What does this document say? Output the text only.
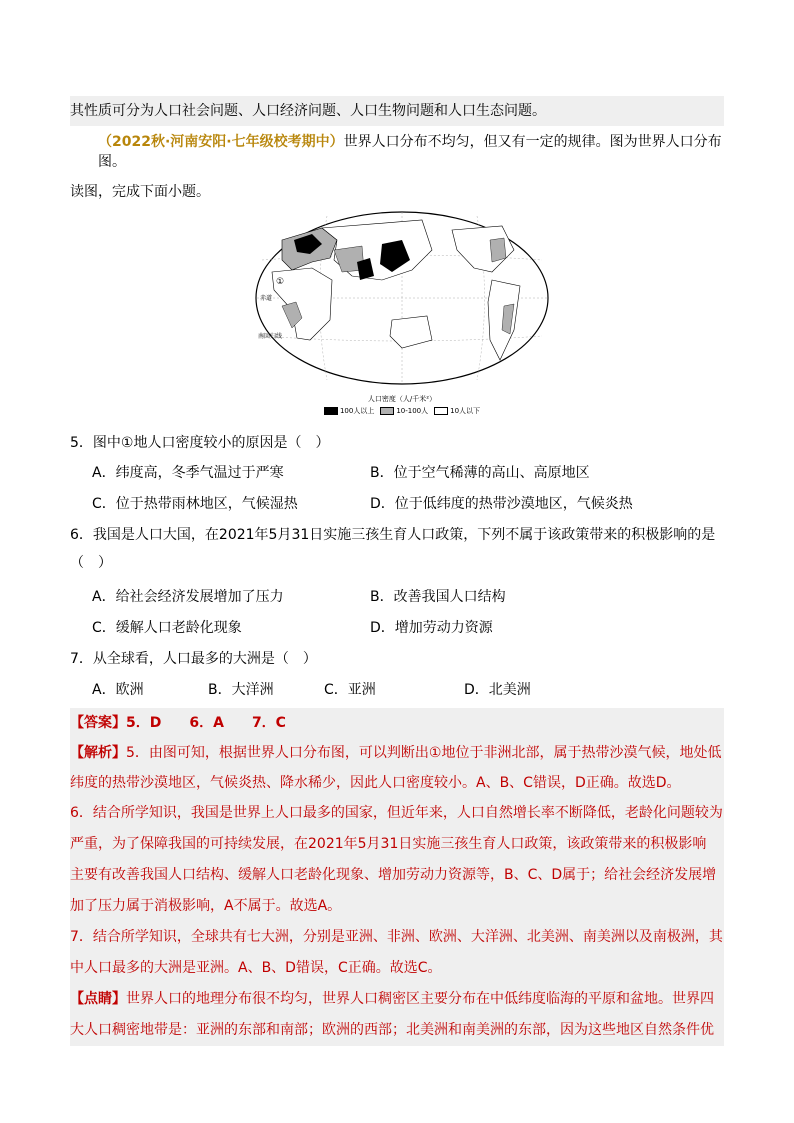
其性质可分为人口社会问题、人口经济问题、人口生物问题和人口生态问题。
（2022秋·河南安阳·七年级校考期中）世界人口分布不均匀，但又有一定的规律。图为世界人口分布图。
读图，完成下面小题。
①
赤道
南回归线
人口密度（人/千米²）
100人以上	10-100人	10人以下
5．图中①地人口密度较小的原因是（　）
A．纬度高，冬季气温过于严寒	B．位于空气稀薄的高山、高原地区
C．位于热带雨林地区，气候湿热	D．位于低纬度的热带沙漠地区，气候炎热
6．我国是人口大国，在2021年5月31日实施三孩生育人口政策，下列不属于该政策带来的积极影响的是
（　）
A．给社会经济发展增加了压力	B．改善我国人口结构
C．缓解人口老龄化现象	D．增加劳动力资源
7．从全球看，人口最多的大洲是（　）
A．欧洲	B．大洋洲	C．亚洲	D．北美洲
【答案】5．D　　6．A　　7．C
【解析】5．由图可知，根据世界人口分布图，可以判断出①地位于非洲北部，属于热带沙漠气候，地处低
纬度的热带沙漠地区，气候炎热、降水稀少，因此人口密度较小。A、B、C错误，D正确。故选D。
6．结合所学知识，我国是世界上人口最多的国家，但近年来，人口自然增长率不断降低，老龄化问题较为
严重，为了保障我国的可持续发展，在2021年5月31日实施三孩生育人口政策，该政策带来的积极影响
主要有改善我国人口结构、缓解人口老龄化现象、增加劳动力资源等，B、C、D属于；给社会经济发展增
加了压力属于消极影响，A不属于。故选A。
7．结合所学知识，全球共有七大洲，分别是亚洲、非洲、欧洲、大洋洲、北美洲、南美洲以及南极洲，其
中人口最多的大洲是亚洲。A、B、D错误，C正确。故选C。
【点睛】世界人口的地理分布很不均匀，世界人口稠密区主要分布在中低纬度临海的平原和盆地。世界四
大人口稠密地带是：亚洲的东部和南部；欧洲的西部；北美洲和南美洲的东部，因为这些地区自然条件优
